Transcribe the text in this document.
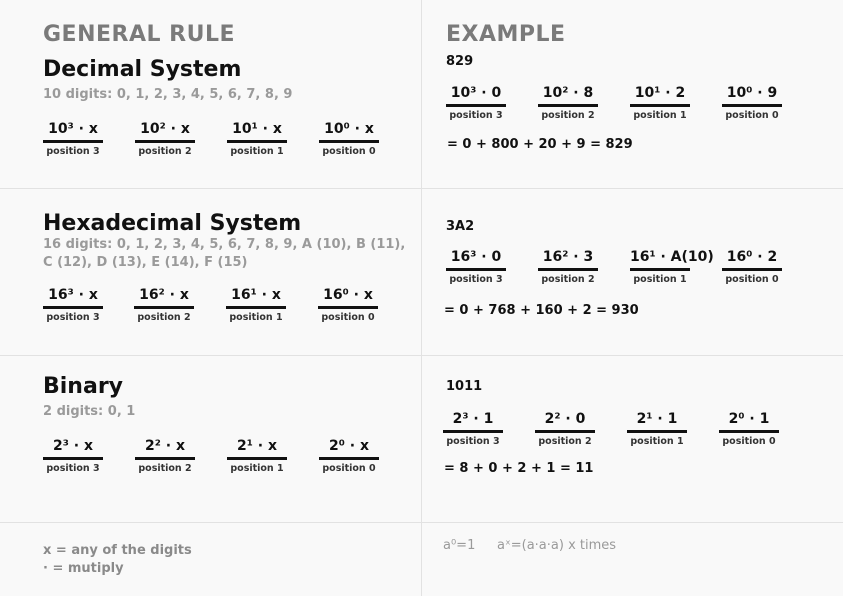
GENERAL RULE	EXAMPLE
Decimal System
10 digits: 0, 1, 2, 3, 4, 5, 6, 7, 8, 9
829
= 0 + 800 + 20 + 9 = 829
Hexadecimal System
16 digits: 0, 1, 2, 3, 4, 5, 6, 7, 8, 9, A (10), B (11),
C (12), D (13), E (14), F (15)
3A2
= 0 + 768 + 160 + 2 = 930
Binary
2 digits: 0, 1
1011
= 8 + 0 + 2 + 1 = 11
10³ · x
position 3
10² · x
position 2
10¹ · x
position 1
10⁰ · x
position 0
10³ · 0
position 3
10² · 8
position 2
10¹ · 2
position 1
10⁰ · 9
position 0
16³ · x
position 3
16² · x
position 2
16¹ · x
position 1
16⁰ · x
position 0
16³ · 0
position 3
16² · 3
position 2
16¹ · A(10)
position 1
16⁰ · 2
position 0
2³ · x
position 3
2² · x
position 2
2¹ · x
position 1
2⁰ · x
position 0
2³ · 1
position 3
2² · 0
position 2
2¹ · 1
position 1
2⁰ · 1
position 0
x = any of the digits
· = mutiply
a⁰=1 aˣ=(a·a·a) x times
